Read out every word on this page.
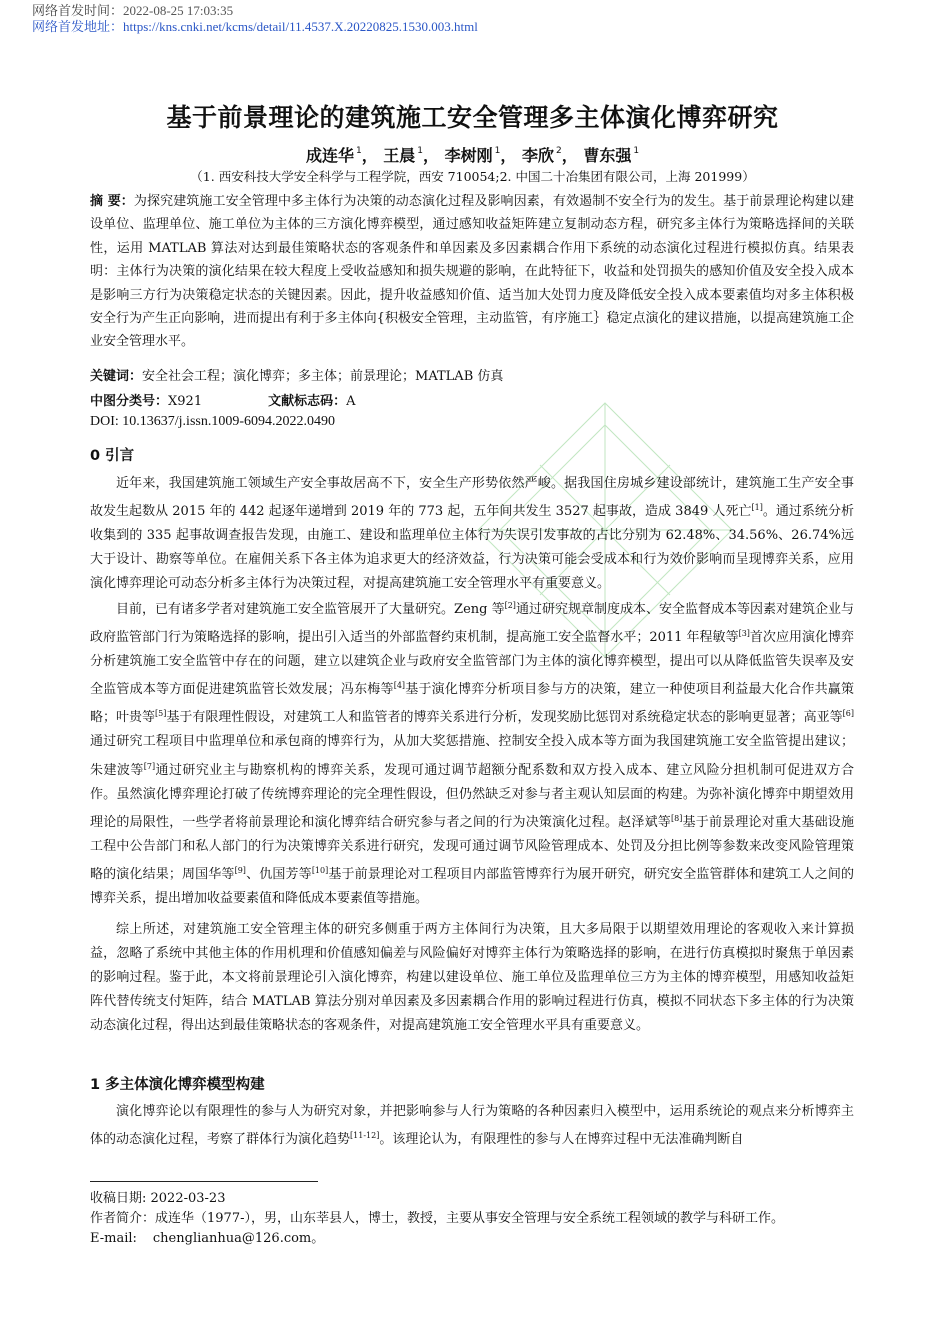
网络首发时间：2022-08-25 17:03:35
网络首发地址：https://kns.cnki.net/kcms/detail/11.4537.X.20220825.1530.003.html
基于前景理论的建筑施工安全管理多主体演化博弈研究
成连华 $^1$， 王晨 $^1$， 李树刚 $^1$， 李欣 $^2$， 曹东强 $^1$
（1. 西安科技大学安全科学与工程学院，西安 710054;2. 中国二十冶集团有限公司，上海 201999）
摘 要：为探究建筑施工安全管理中多主体行为决策的动态演化过程及影响因素，有效遏制不安全行为的发生。基于前景理论构建以建设单位、监理单位、施工单位为主体的三方演化博弈模型，通过感知收益矩阵建立复制动态方程，研究多主体行为策略选择间的关联性，运用 MATLAB 算法对达到最佳策略状态的客观条件和单因素及多因素耦合作用下系统的动态演化过程进行模拟仿真。结果表明：主体行为决策的演化结果在较大程度上受收益感知和损失规避的影响，在此特征下，收益和处罚损失的感知价值及安全投入成本是影响三方行为决策稳定状态的关键因素。因此，提升收益感知价值、适当加大处罚力度及降低安全投入成本要素值均对多主体积极安全行为产生正向影响，进而提出有利于多主体向{积极安全管理，主动监管，有序施工｝稳定点演化的建议措施，以提高建筑施工企业安全管理水平。
关键词：安全社会工程；演化博弈；多主体；前景理论；MATLAB 仿真
中图分类号：X921	文献标志码：A
DOI: 10.13637/j.issn.1009-6094.2022.0490
0 引言
近年来，我国建筑施工领域生产安全事故居高不下，安全生产形势依然严峻。据我国住房城乡建设部统计，建筑施工生产安全事故发生起数从 2015 年的 442 起逐年递增到 2019 年的 773 起，五年间共发生 3527 起事故，造成 3849 人死亡[1]。通过系统分析收集到的 335 起事故调查报告发现，由施工、建设和监理单位主体行为失误引发事故的占比分别为 62.48%、34.56%、26.74%远大于设计、勘察等单位。在雇佣关系下各主体为追求更大的经济效益，行为决策可能会受成本和行为效价影响而呈现博弈关系，应用演化博弈理论可动态分析多主体行为决策过程，对提高建筑施工安全管理水平有重要意义。
目前，已有诸多学者对建筑施工安全监管展开了大量研究。Zeng 等[2]通过研究规章制度成本、安全监督成本等因素对建筑企业与政府监管部门行为策略选择的影响，提出引入适当的外部监督约束机制，提高施工安全监督水平；2011 年程敏等[3]首次应用演化博弈分析建筑施工安全监管中存在的问题，建立以建筑企业与政府安全监管部门为主体的演化博弈模型，提出可以从降低监管失误率及安全监管成本等方面促进建筑监管长效发展；冯东梅等[4]基于演化博弈分析项目参与方的决策，建立一种使项目利益最大化合作共赢策略；叶贵等[5]基于有限理性假设，对建筑工人和监管者的博弈关系进行分析，发现奖励比惩罚对系统稳定状态的影响更显著；高亚等[6]通过研究工程项目中监理单位和承包商的博弈行为，从加大奖惩措施、控制安全投入成本等方面为我国建筑施工安全监管提出建议；朱建波等[7]通过研究业主与勘察机构的博弈关系，发现可通过调节超额分配系数和双方投入成本、建立风险分担机制可促进双方合作。虽然演化博弈理论打破了传统博弈理论的完全理性假设，但仍然缺乏对参与者主观认知层面的构建。为弥补演化博弈中期望效用理论的局限性，一些学者将前景理论和演化博弈结合研究参与者之间的行为决策演化过程。赵泽斌等[8]基于前景理论对重大基础设施工程中公告部门和私人部门的行为决策博弈关系进行研究，发现可通过调节风险管理成本、处罚及分担比例等参数来改变风险管理策略的演化结果；周国华等[9]、仇国芳等[10]基于前景理论对工程项目内部监管博弈行为展开研究，研究安全监管群体和建筑工人之间的博弈关系，提出增加收益要素值和降低成本要素值等措施。
综上所述，对建筑施工安全管理主体的研究多侧重于两方主体间行为决策，且大多局限于以期望效用理论的客观收入来计算损益，忽略了系统中其他主体的作用机理和价值感知偏差与风险偏好对博弈主体行为策略选择的影响，在进行仿真模拟时聚焦于单因素的影响过程。鉴于此，本文将前景理论引入演化博弈，构建以建设单位、施工单位及监理单位三方为主体的博弈模型，用感知收益矩阵代替传统支付矩阵，结合 MATLAB 算法分别对单因素及多因素耦合作用的影响过程进行仿真，模拟不同状态下多主体的行为决策动态演化过程，得出达到最佳策略状态的客观条件，对提高建筑施工安全管理水平具有重要意义。
1 多主体演化博弈模型构建
演化博弈论以有限理性的参与人为研究对象，并把影响参与人行为策略的各种因素归入模型中，运用系统论的观点来分析博弈主体的动态演化过程，考察了群体行为演化趋势[11-12]。该理论认为，有限理性的参与人在博弈过程中无法准确判断自
收稿日期: 2022-03-23
作者简介：成连华（1977-），男，山东莘县人，博士，教授，主要从事安全管理与安全系统工程领域的教学与科研工作。
E-mail: chenglianhua@126.com。
